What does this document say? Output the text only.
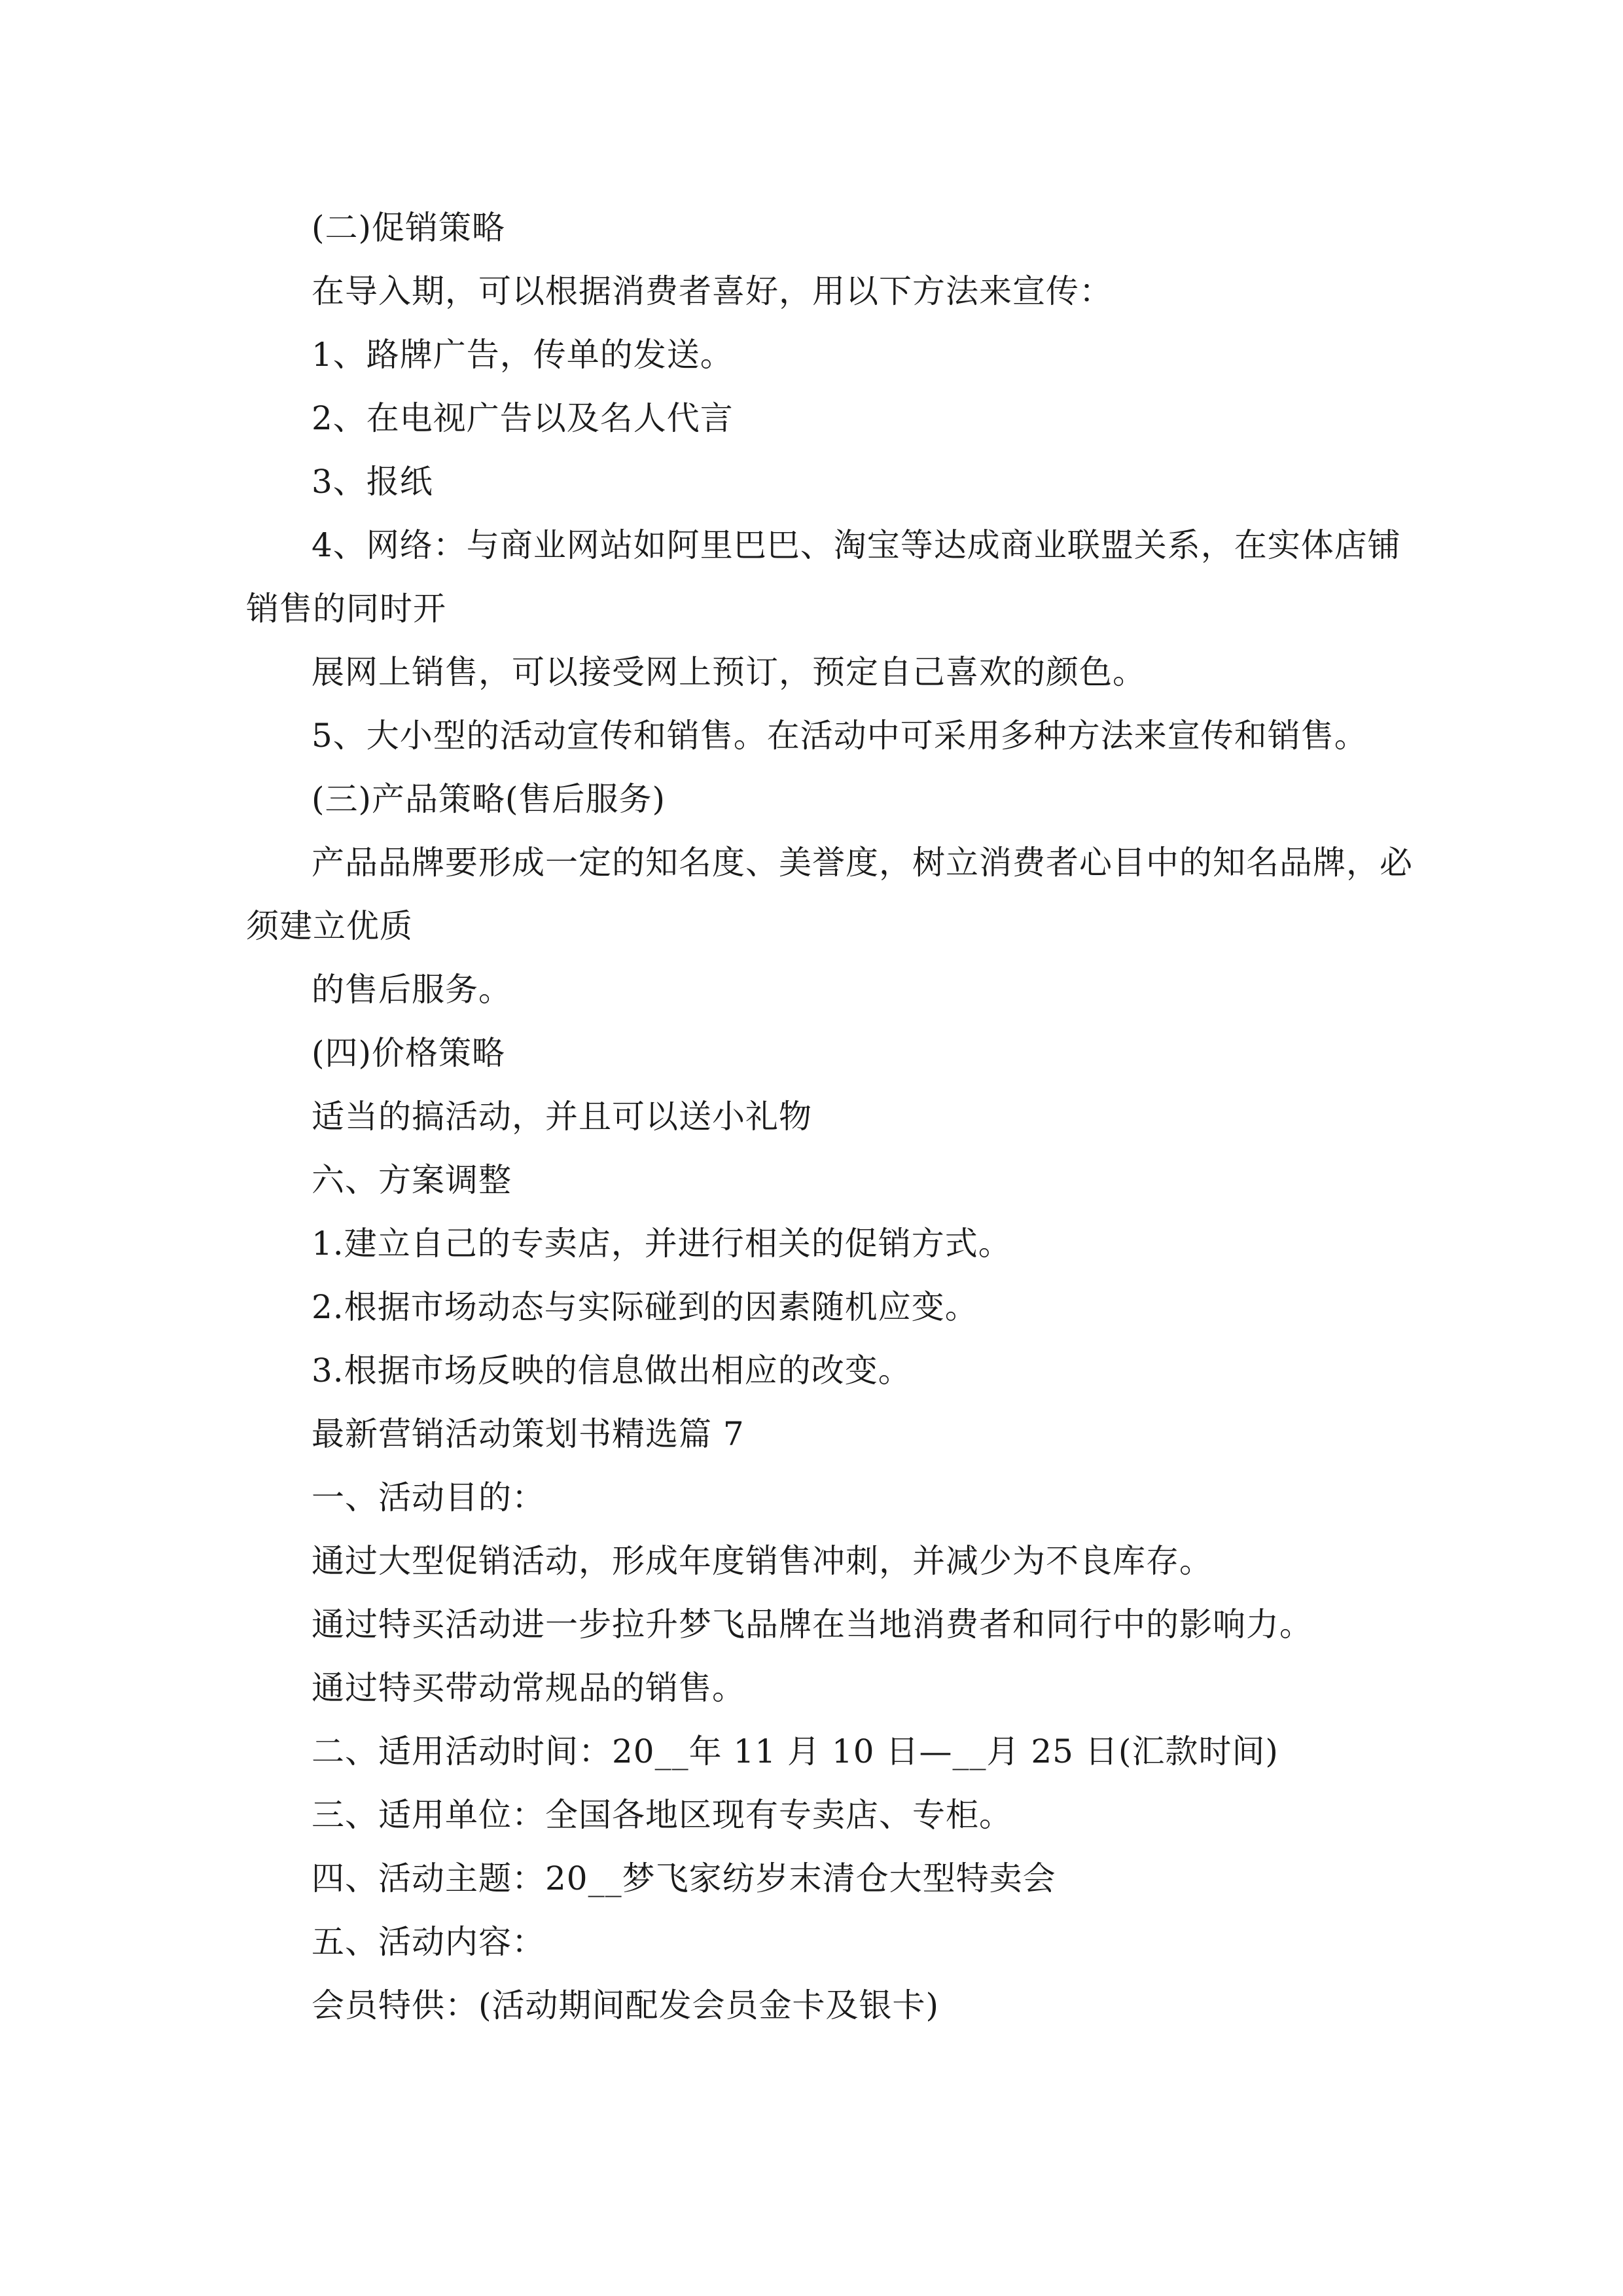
(二)促销策略

在导入期，可以根据消费者喜好，用以下方法来宣传：

1、路牌广告，传单的发送。

2、在电视广告以及名人代言

3、报纸

4、网络：与商业网站如阿里巴巴、淘宝等达成商业联盟关系，在实体店铺

销售的同时开

展网上销售，可以接受网上预订，预定自己喜欢的颜色。

5、大小型的活动宣传和销售。在活动中可采用多种方法来宣传和销售。

(三)产品策略(售后服务)

产品品牌要形成一定的知名度、美誉度，树立消费者心目中的知名品牌，必

须建立优质

的售后服务。

(四)价格策略

适当的搞活动，并且可以送小礼物

六、方案调整

1.建立自己的专卖店，并进行相关的促销方式。

2.根据市场动态与实际碰到的因素随机应变。

3.根据市场反映的信息做出相应的改变。

最新营销活动策划书精选篇 7

一、活动目的：

通过大型促销活动，形成年度销售冲刺，并减少为不良库存。

通过特买活动进一步拉升梦飞品牌在当地消费者和同行中的影响力。

通过特买带动常规品的销售。

二、适用活动时间：20__年 11 月 10 日—__月 25 日(汇款时间)

三、适用单位：全国各地区现有专卖店、专柜。

四、活动主题：20__梦飞家纺岁末清仓大型特卖会

五、活动内容：

会员特供：(活动期间配发会员金卡及银卡)
